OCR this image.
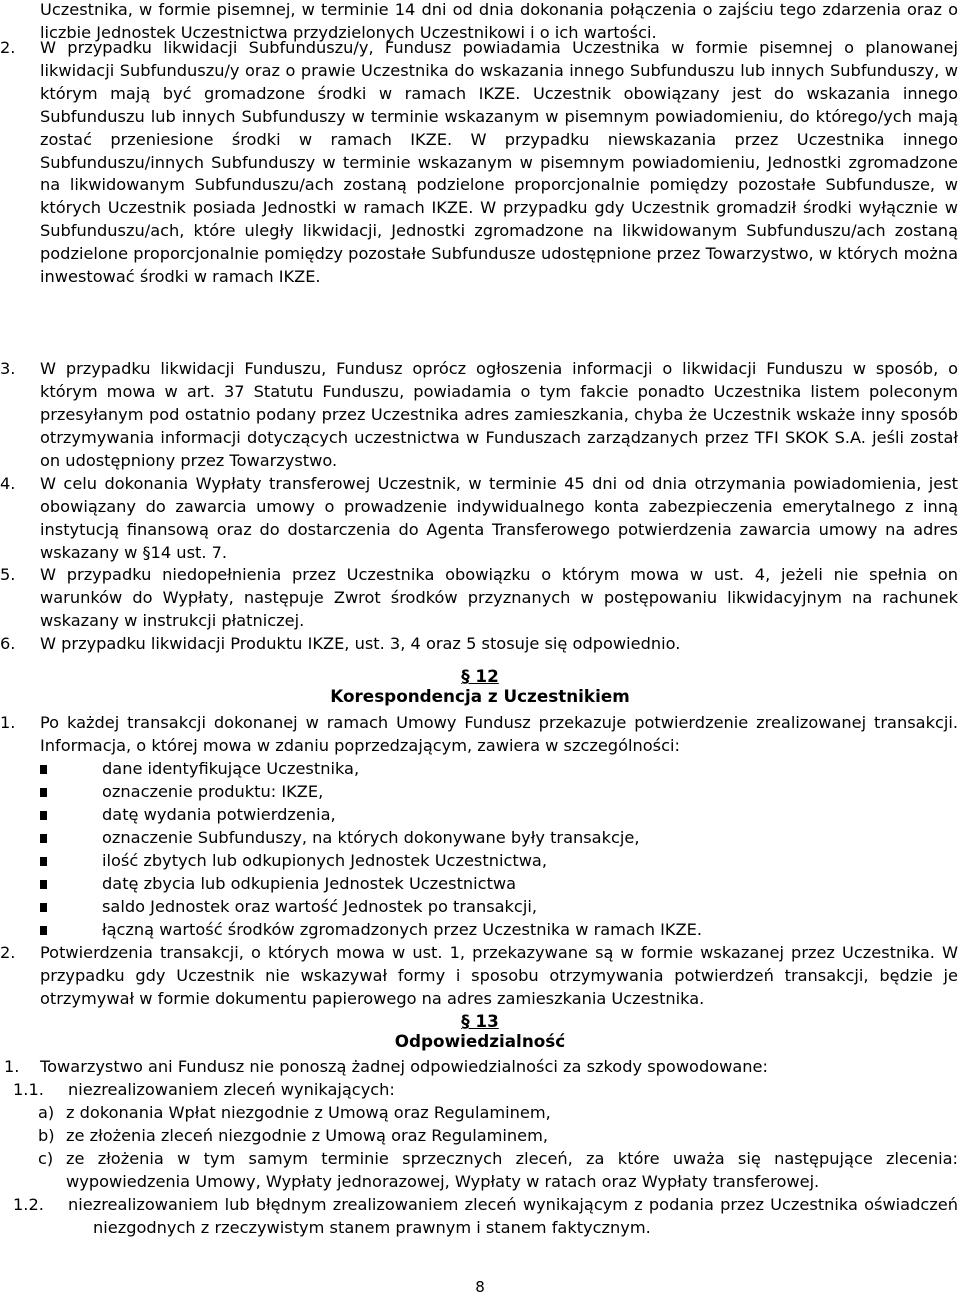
Uczestnika, w formie pisemnej, w terminie 14 dni od dnia dokonania połączenia o zajściu tego zdarzenia oraz o liczbie Jednostek Uczestnictwa przydzielonych Uczestnikowi i o ich wartości.
2. W przypadku likwidacji Subfunduszu/y, Fundusz powiadamia Uczestnika w formie pisemnej o planowanej likwidacji Subfunduszu/y oraz o prawie Uczestnika do wskazania innego Subfunduszu lub innych Subfunduszy, w którym mają być gromadzone środki w ramach IKZE. Uczestnik obowiązany jest do wskazania innego Subfunduszu lub innych Subfunduszy w terminie wskazanym w pisemnym powiadomieniu, do którego/ych mają zostać przeniesione środki w ramach IKZE. W przypadku niewskazania przez Uczestnika innego Subfunduszu/innych Subfunduszy w terminie wskazanym w pisemnym powiadomieniu, Jednostki zgromadzone na likwidowanym Subfunduszu/ach zostaną podzielone proporcjonalnie pomiędzy pozostałe Subfundusze, w których Uczestnik posiada Jednostki w ramach IKZE. W przypadku gdy Uczestnik gromadził środki wyłącznie w Subfunduszu/ach, które uległy likwidacji, Jednostki zgromadzone na likwidowanym Subfunduszu/ach zostaną podzielone proporcjonalnie pomiędzy pozostałe Subfundusze udostępnione przez Towarzystwo, w których można inwestować środki w ramach IKZE.
3. W przypadku likwidacji Funduszu, Fundusz oprócz ogłoszenia informacji o likwidacji Funduszu w sposób, o którym mowa w art. 37 Statutu Funduszu, powiadamia o tym fakcie ponadto Uczestnika listem poleconym przesyłanym pod ostatnio podany przez Uczestnika adres zamieszkania, chyba że Uczestnik wskaże inny sposób otrzymywania informacji dotyczących uczestnictwa w Funduszach zarządzanych przez TFI SKOK S.A. jeśli został on udostępniony przez Towarzystwo.
4. W celu dokonania Wypłaty transferowej Uczestnik, w terminie 45 dni od dnia otrzymania powiadomienia, jest obowiązany do zawarcia umowy o prowadzenie indywidualnego konta zabezpieczenia emerytalnego z inną instytucją finansową oraz do dostarczenia do Agenta Transferowego potwierdzenia zawarcia umowy na adres wskazany w §14 ust. 7.
5. W przypadku niedopełnienia przez Uczestnika obowiązku o którym mowa w ust. 4, jeżeli nie spełnia on warunków do Wypłaty, następuje Zwrot środków przyznanych w postępowaniu likwidacyjnym na rachunek wskazany w instrukcji płatniczej.
6. W przypadku likwidacji Produktu IKZE, ust. 3, 4 oraz 5 stosuje się odpowiednio.
§ 12
Korespondencja z Uczestnikiem
1. Po każdej transakcji dokonanej w ramach Umowy Fundusz przekazuje potwierdzenie zrealizowanej transakcji. Informacja, o której mowa w zdaniu poprzedzającym, zawiera w szczególności:
dane identyfikujące Uczestnika,
oznaczenie produktu: IKZE,
datę wydania potwierdzenia,
oznaczenie Subfunduszy, na których dokonywane były transakcje,
ilość zbytych lub odkupionych Jednostek Uczestnictwa,
datę zbycia lub odkupienia Jednostek Uczestnictwa
saldo Jednostek oraz wartość Jednostek po transakcji,
łączną wartość środków zgromadzonych przez Uczestnika w ramach IKZE.
2. Potwierdzenia transakcji, o których mowa w ust. 1, przekazywane są w formie wskazanej przez Uczestnika. W przypadku gdy Uczestnik nie wskazywał formy i sposobu otrzymywania potwierdzeń transakcji, będzie je otrzymywał w formie dokumentu papierowego na adres zamieszkania Uczestnika.
§ 13
Odpowiedzialność
1. Towarzystwo ani Fundusz nie ponoszą żadnej odpowiedzialności za szkody spowodowane:
1.1. niezrealizowaniem zleceń wynikających:
a) z dokonania Wpłat niezgodnie z Umową oraz Regulaminem,
b) ze złożenia zleceń niezgodnie z Umową oraz Regulaminem,
c) ze złożenia w tym samym terminie sprzecznych zleceń, za które uważa się następujące zlecenia: wypowiedzenia Umowy, Wypłaty jednorazowej, Wypłaty w ratach oraz Wypłaty transferowej.
1.2. niezrealizowaniem lub błędnym zrealizowaniem zleceń wynikającym z podania przez Uczestnika oświadczeń niezgodnych z rzeczywistym stanem prawnym i stanem faktycznym.
8
